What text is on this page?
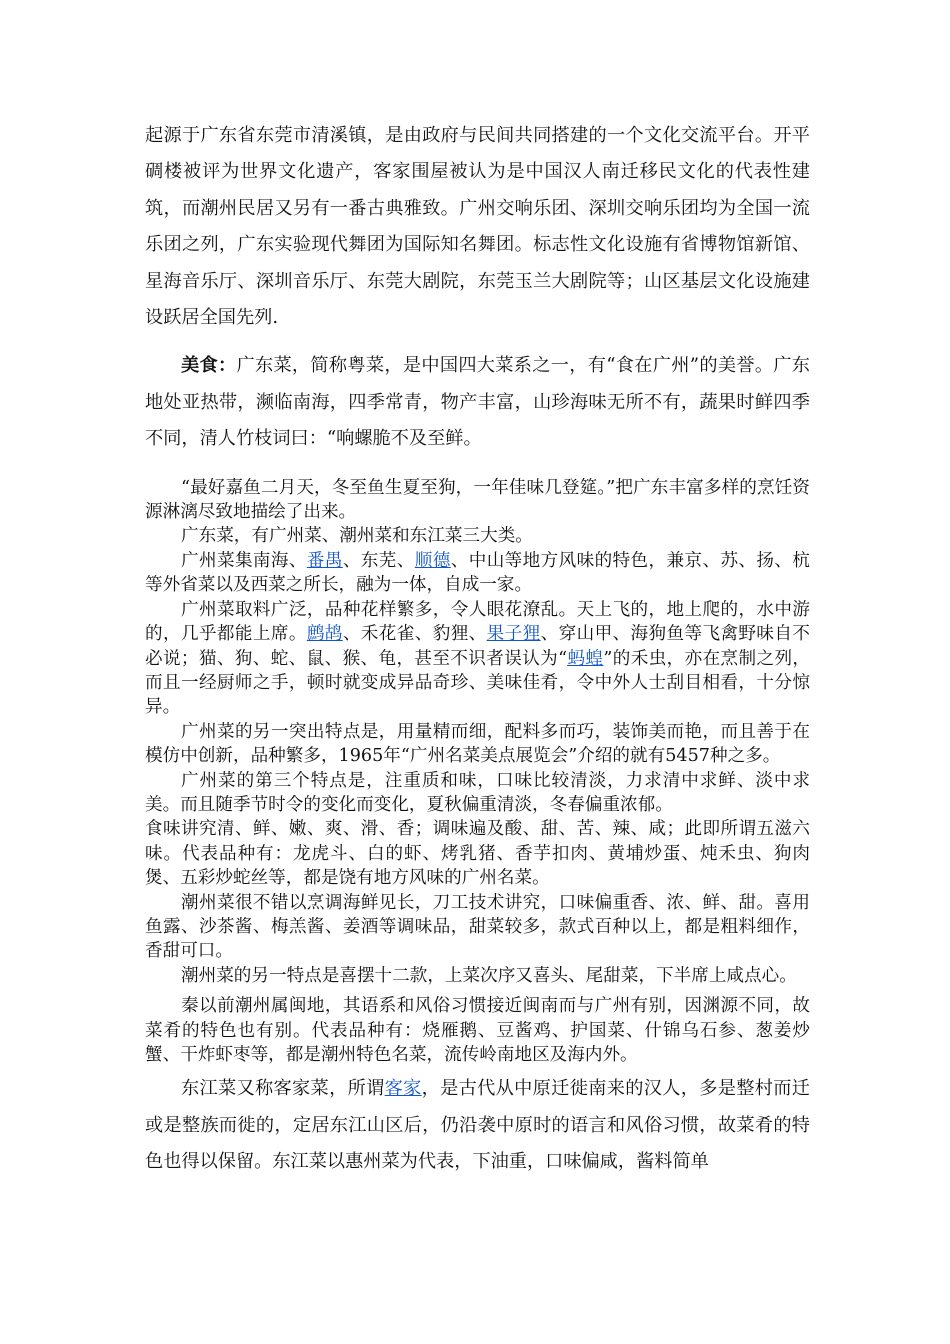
起源于广东省东莞市清溪镇，是由政府与民间共同搭建的一个文化交流平台。开平碉楼被评为世界文化遗产，客家围屋被认为是中国汉人南迁移民文化的代表性建筑，而潮州民居又另有一番古典雅致。广州交响乐团、深圳交响乐团均为全国一流乐团之列，广东实验现代舞团为国际知名舞团。标志性文化设施有省博物馆新馆、星海音乐厅、深圳音乐厅、东莞大剧院，东莞玉兰大剧院等；山区基层文化设施建设跃居全国先列.

美食：广东菜，简称粤菜，是中国四大菜系之一，有“食在广州”的美誉。广东地处亚热带，濒临南海，四季常青，物产丰富，山珍海味无所不有，蔬果时鲜四季不同，清人竹枝词曰：“响螺脆不及至鲜。

“最好嘉鱼二月天，冬至鱼生夏至狗，一年佳味几登筵。”把广东丰富多样的烹饪资源淋漓尽致地描绘了出来。

广东菜，有广州菜、潮州菜和东江菜三大类。

广州菜集南海、番禺、东芜、顺德、中山等地方风味的特色，兼京、苏、扬、杭等外省菜以及西菜之所长，融为一体，自成一家。

广州菜取料广泛，品种花样繁多，令人眼花潦乱。天上飞的，地上爬的，水中游的，几乎都能上席。鹧鸪、禾花雀、豹狸、果子狸、穿山甲、海狗鱼等飞禽野味自不必说；猫、狗、蛇、鼠、猴、龟，甚至不识者误认为“蚂蝗”的禾虫，亦在烹制之列，而且一经厨师之手，顿时就变成异品奇珍、美味佳肴，令中外人士刮目相看，十分惊异。

广州菜的另一突出特点是，用量精而细，配料多而巧，装饰美而艳，而且善于在模仿中创新，品种繁多，1965年“广州名菜美点展览会”介绍的就有5457种之多。

广州菜的第三个特点是，注重质和味，口味比较清淡，力求清中求鲜、淡中求美。而且随季节时令的变化而变化，夏秋偏重清淡，冬春偏重浓郁。

食味讲究清、鲜、嫩、爽、滑、香；调味遍及酸、甜、苦、辣、咸；此即所谓五滋六味。代表品种有：龙虎斗、白的虾、烤乳猪、香芋扣肉、黄埔炒蛋、炖禾虫、狗肉煲、五彩炒蛇丝等，都是饶有地方风味的广州名菜。

潮州菜很不错以烹调海鲜见长，刀工技术讲究，口味偏重香、浓、鲜、甜。喜用鱼露、沙茶酱、梅羔酱、姜酒等调味品，甜菜较多，款式百种以上，都是粗料细作，香甜可口。

潮州菜的另一特点是喜摆十二款，上菜次序又喜头、尾甜菜，下半席上咸点心。

秦以前潮州属闽地，其语系和风俗习惯接近闽南而与广州有别，因渊源不同，故菜肴的特色也有别。代表品种有：烧雁鹅、豆酱鸡、护国菜、什锦乌石参、葱姜炒蟹、干炸虾枣等，都是潮州特色名菜，流传岭南地区及海内外。

东江菜又称客家菜，所谓客家，是古代从中原迁徙南来的汉人，多是整村而迁或是整族而徙的，定居东江山区后，仍沿袭中原时的语言和风俗习惯，故菜肴的特色也得以保留。东江菜以惠州菜为代表，下油重，口味偏咸，酱料简单
